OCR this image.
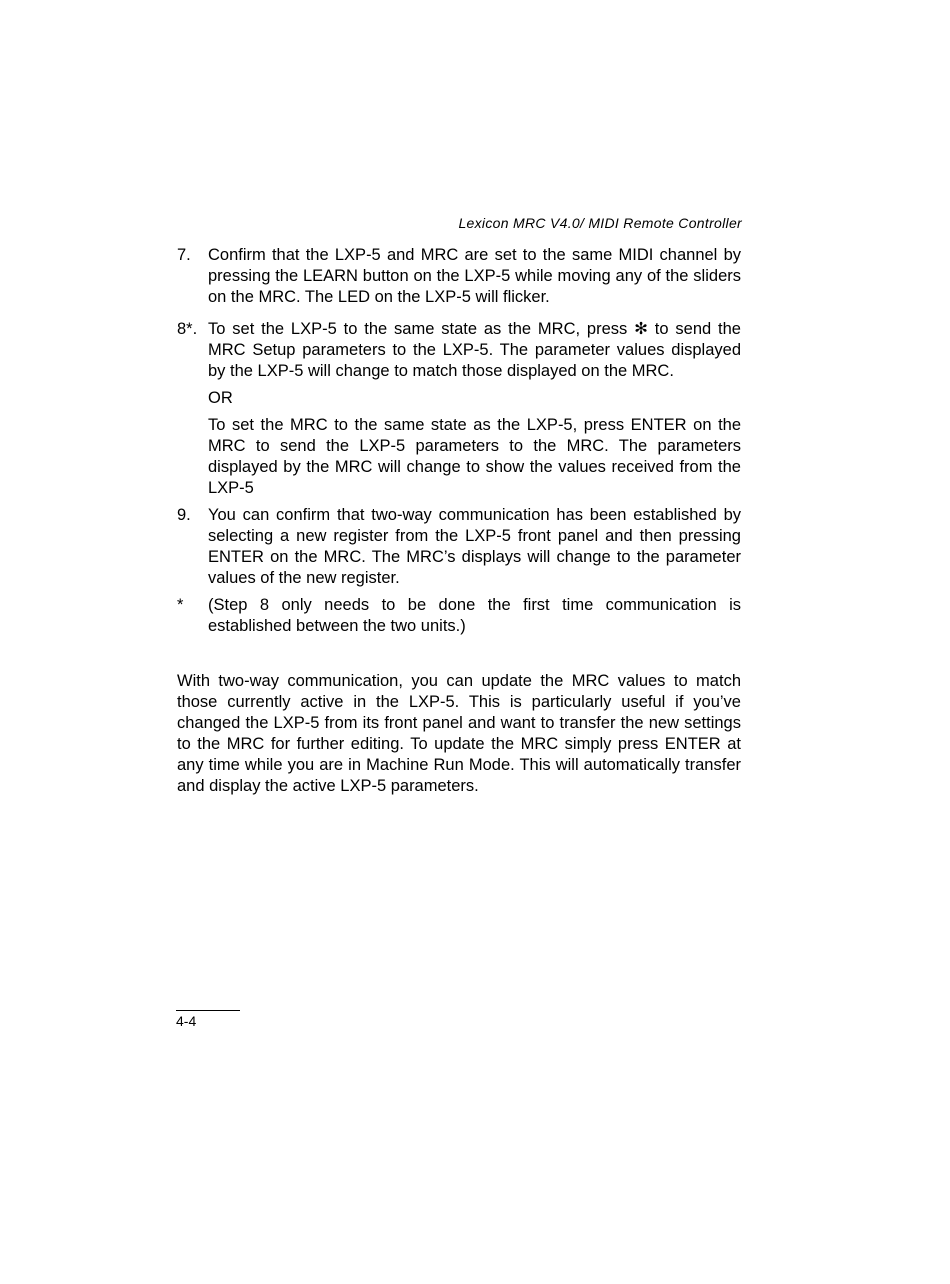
Lexicon MRC V4.0/ MIDI Remote Controller
7.	Confirm that the LXP-5 and MRC are set to the same MIDI channel by pressing the LEARN button on the LXP-5 while moving any of the sliders on the MRC. The LED on the LXP-5 will flicker.

8*. To set the LXP-5 to the same state as the MRC, press ✻ to send the MRC Setup parameters to the LXP-5. The parameter values displayed by the LXP-5 will change to match those displayed on the MRC.

OR

To set the MRC to the same state as the LXP-5, press ENTER on the MRC to send the LXP-5 parameters to the MRC. The parameters displayed by the MRC will change to show the values received from the LXP-5

9.	You can confirm that two-way communication has been established by selecting a new register from the LXP-5 front panel and then pressing ENTER on the MRC. The MRC’s displays will change to the parameter values of the new register.

*	(Step 8 only needs to be done the first time communication is established between the two units.)

With two-way communication, you can update the MRC values to match those currently active in the LXP-5. This is particularly useful if you’ve changed the LXP-5 from its front panel and want to transfer the new settings to the MRC for further editing. To update the MRC simply press ENTER at any time while you are in Machine Run Mode. This will automatically transfer and display the active LXP-5 parameters.

4-4
